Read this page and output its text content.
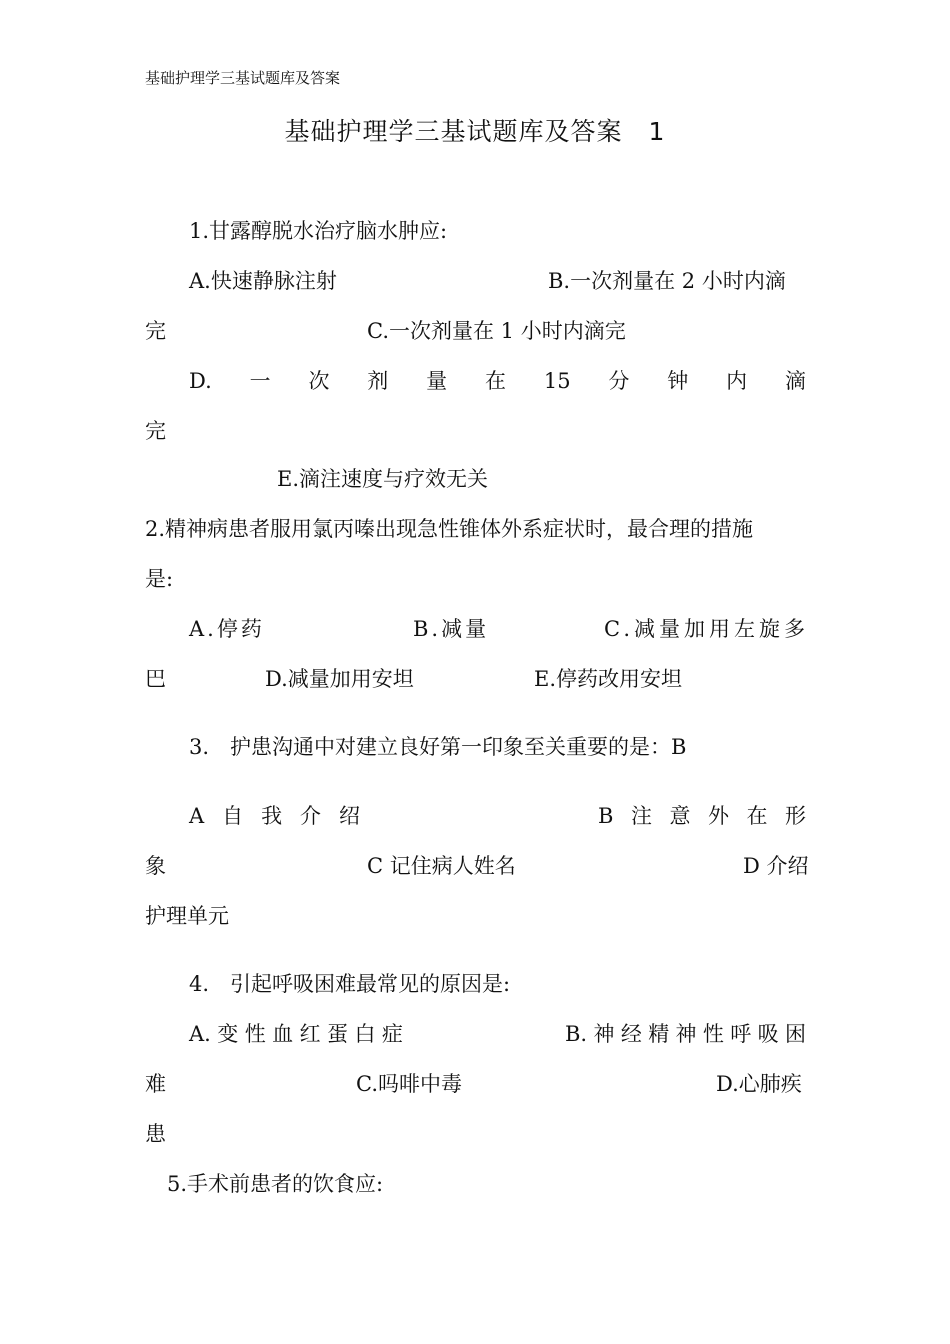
基础护理学三基试题库及答案
基础护理学三基试题库及答案　1
1.甘露醇脱水治疗脑水肿应:
A.快速静脉注射	B.一次剂量在 2 小时内滴
完	C.一次剂量在 1 小时内滴完
D. 一 次 剂 量 在 15 分 钟 内 滴
完
E.滴注速度与疗效无关
2.精神病患者服用氯丙嗪出现急性锥体外系症状时，最合理的措施
是:
A.停药	B.减量	C.减量加用左旋多
巴	D.减量加用安坦	E.停药改用安坦
3.　护患沟通中对建立良好第一印象至关重要的是：B
A 自 我 介 绍	B 注 意 外 在 形
象	C 记住病人姓名	D 介绍
护理单元
4.　引起呼吸困难最常见的原因是:
A. 变 性 血 红 蛋 白 症	B. 神 经 精 神 性 呼 吸 困
难	C.吗啡中毒	D.心肺疾
患
5.手术前患者的饮食应:
